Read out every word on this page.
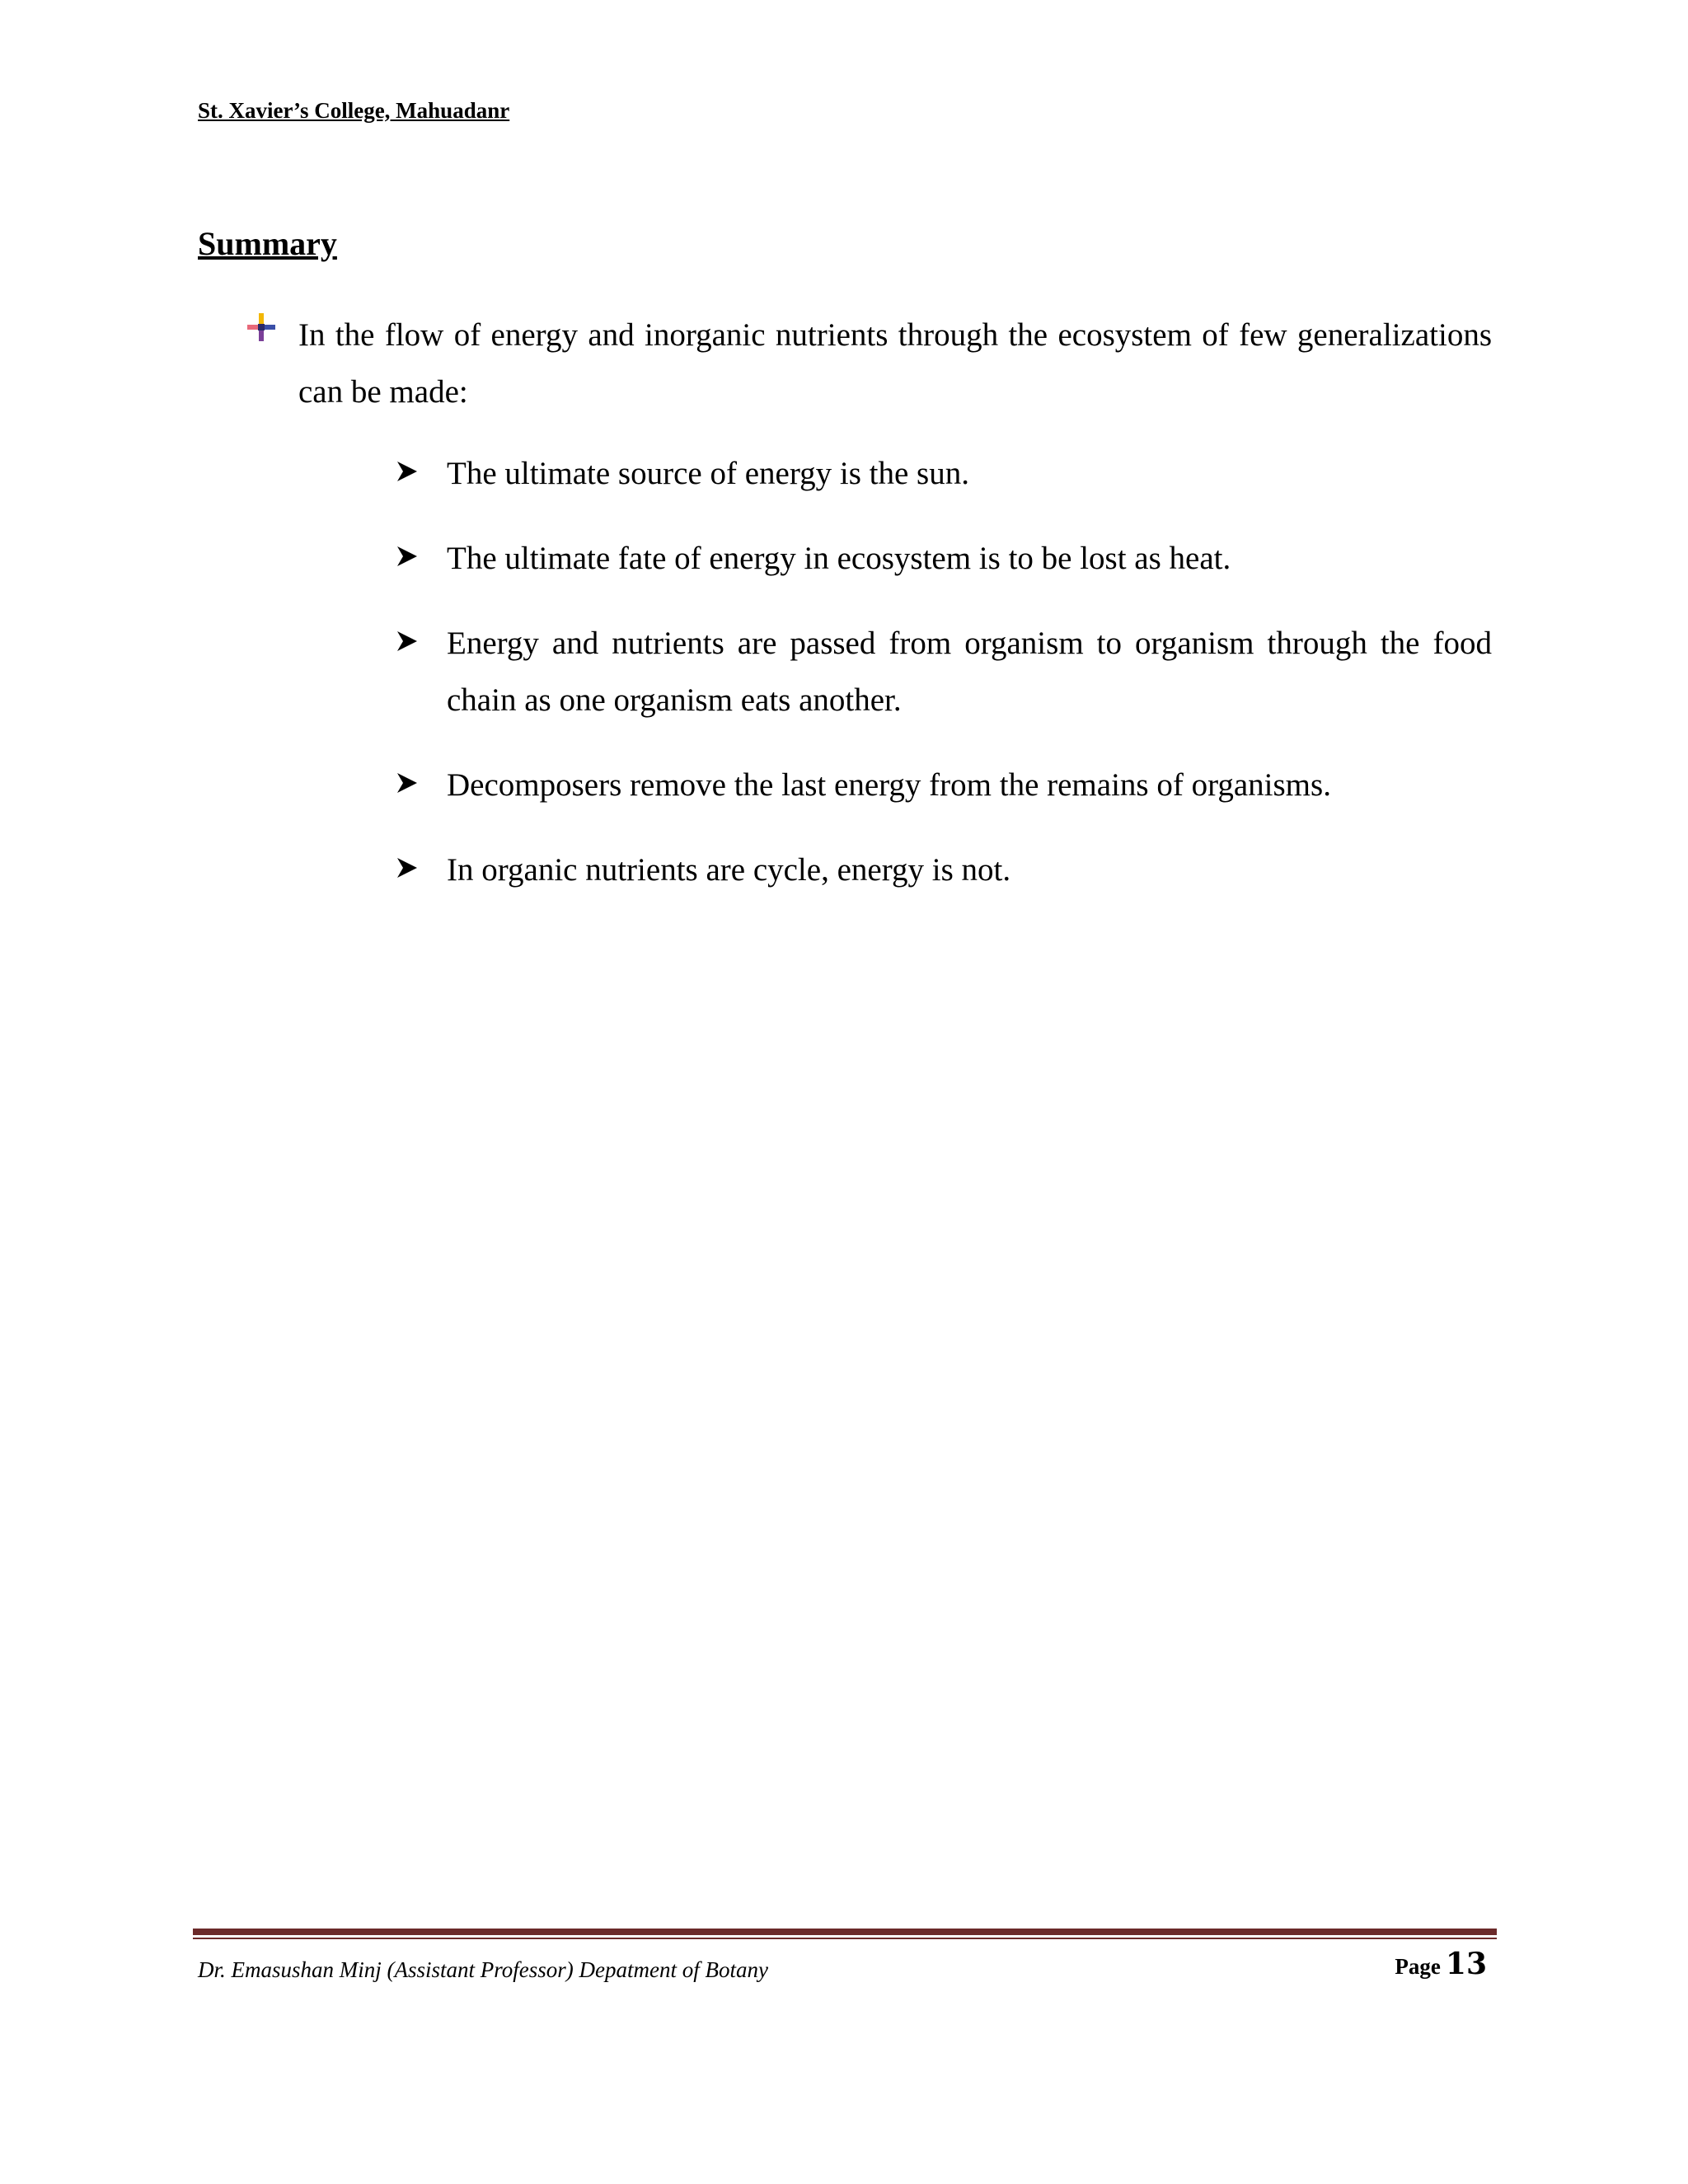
St. Xavier’s College, Mahuadanr
Summary
In the flow of energy and inorganic nutrients through the ecosystem of few generalizations can be made:
The ultimate source of energy is the sun.
The ultimate fate of energy in ecosystem is to be lost as heat.
Energy and nutrients are passed from organism to organism through the food chain as one organism eats another.
Decomposers remove the last energy from the remains of organisms.
In organic nutrients are cycle, energy is not.
Dr. Emasushan Minj (Assistant Professor) Depatment of Botany	Page 13
